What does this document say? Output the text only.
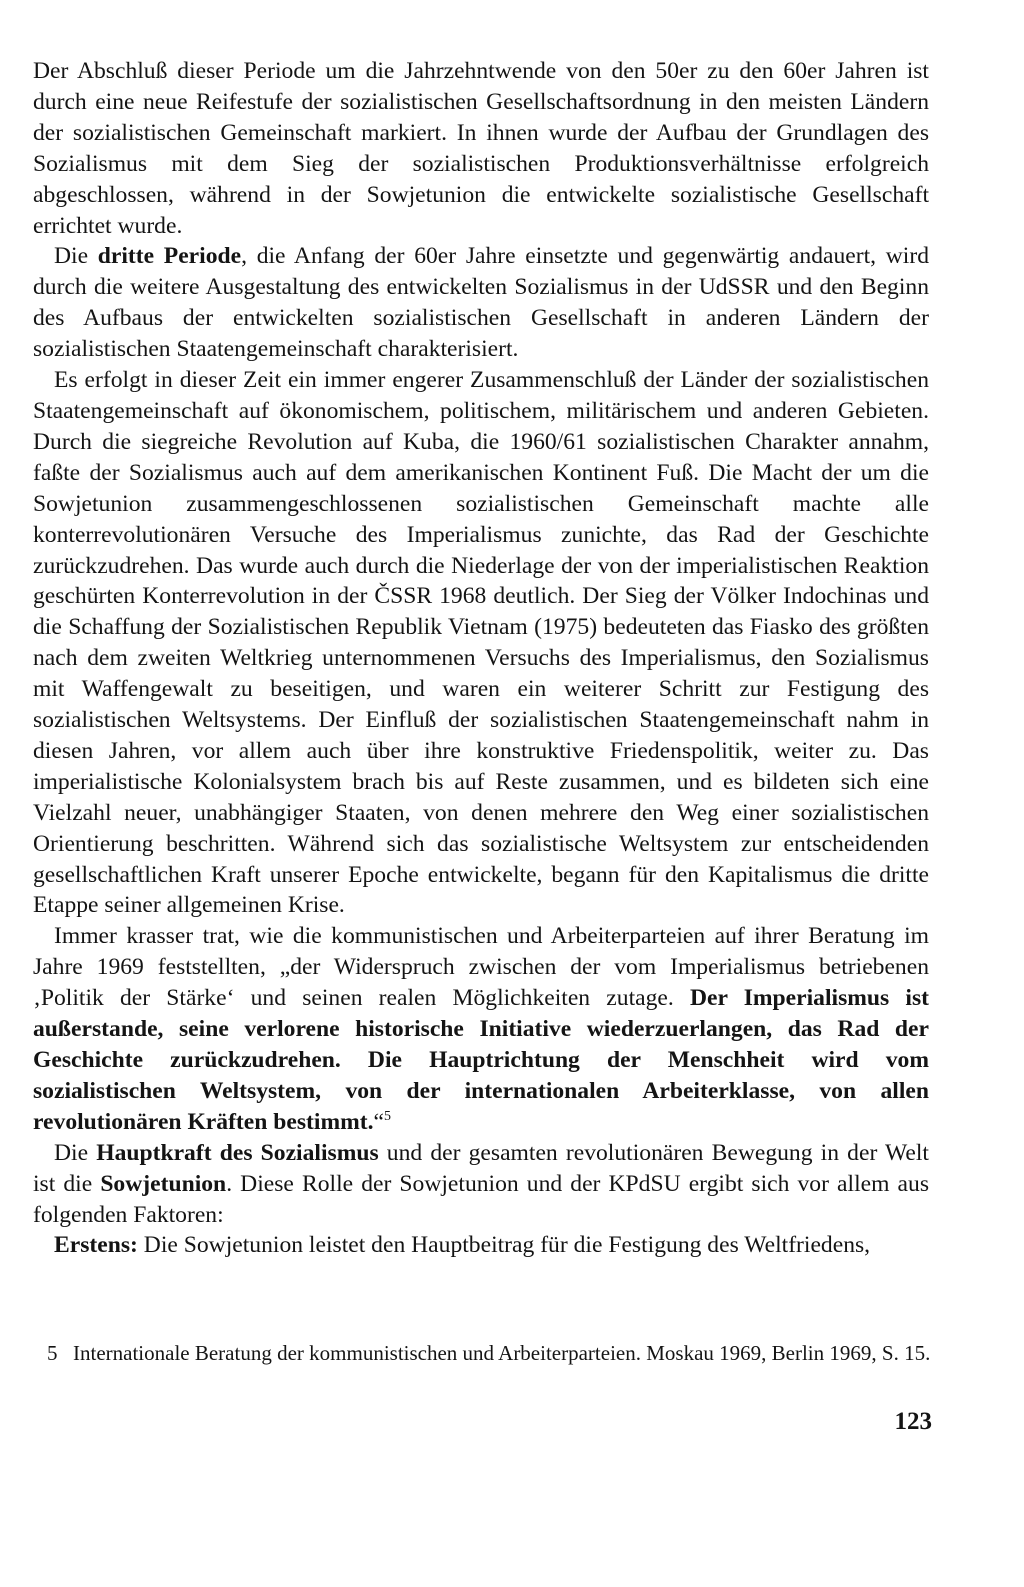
Der Abschluß dieser Periode um die Jahrzehntwende von den 50er zu den 60er Jahren ist durch eine neue Reifestufe der sozialistischen Gesellschaftsordnung in den meisten Ländern der sozialistischen Gemeinschaft markiert. In ihnen wurde der Aufbau der Grundlagen des Sozialismus mit dem Sieg der sozialistischen Produktionsverhältnisse erfolgreich abgeschlossen, während in der Sowjetunion die entwickelte sozialistische Gesellschaft errichtet wurde.

Die dritte Periode, die Anfang der 60er Jahre einsetzte und gegenwärtig andauert, wird durch die weitere Ausgestaltung des entwickelten Sozialismus in der UdSSR und den Beginn des Aufbaus der entwickelten sozialistischen Gesellschaft in anderen Ländern der sozialistischen Staatengemeinschaft charakterisiert.

Es erfolgt in dieser Zeit ein immer engerer Zusammenschluß der Länder der sozialistischen Staatengemeinschaft auf ökonomischem, politischem, militärischem und anderen Gebieten. Durch die siegreiche Revolution auf Kuba, die 1960/61 sozialistischen Charakter annahm, faßte der Sozialismus auch auf dem amerikanischen Kontinent Fuß. Die Macht der um die Sowjetunion zusammengeschlossenen sozialistischen Gemeinschaft machte alle konterrevolutionären Versuche des Imperialismus zunichte, das Rad der Geschichte zurückzudrehen. Das wurde auch durch die Niederlage der von der imperialistischen Reaktion geschürten Konterrevolution in der ČSSR 1968 deutlich. Der Sieg der Völker Indochinas und die Schaffung der Sozialistischen Republik Vietnam (1975) bedeuteten das Fiasko des größten nach dem zweiten Weltkrieg unternommenen Versuchs des Imperialismus, den Sozialismus mit Waffengewalt zu beseitigen, und waren ein weiterer Schritt zur Festigung des sozialistischen Weltsystems. Der Einfluß der sozialistischen Staatengemeinschaft nahm in diesen Jahren, vor allem auch über ihre konstruktive Friedenspolitik, weiter zu. Das imperialistische Kolonialsystem brach bis auf Reste zusammen, und es bildeten sich eine Vielzahl neuer, unabhängiger Staaten, von denen mehrere den Weg einer sozialistischen Orientierung beschritten. Während sich das sozialistische Weltsystem zur entscheidenden gesellschaftlichen Kraft unserer Epoche entwickelte, begann für den Kapitalismus die dritte Etappe seiner allgemeinen Krise.

Immer krasser trat, wie die kommunistischen und Arbeiterparteien auf ihrer Beratung im Jahre 1969 feststellten, „der Widerspruch zwischen der vom Imperialismus betriebenen ‚Politik der Stärke‘ und seinen realen Möglichkeiten zutage. Der Imperialismus ist außerstande, seine verlorene historische Initiative wiederzuerlangen, das Rad der Geschichte zurückzudrehen. Die Hauptrichtung der Menschheit wird vom sozialistischen Weltsystem, von der internationalen Arbeiterklasse, von allen revolutionären Kräften bestimmt.“$^5$

Die Hauptkraft des Sozialismus und der gesamten revolutionären Bewegung in der Welt ist die Sowjetunion. Diese Rolle der Sowjetunion und der KPdSU ergibt sich vor allem aus folgenden Faktoren:

Erstens: Die Sowjetunion leistet den Hauptbeitrag für die Festigung des Weltfriedens,

5 Internationale Beratung der kommunistischen und Arbeiterparteien. Moskau 1969, Berlin 1969, S. 15.
123
